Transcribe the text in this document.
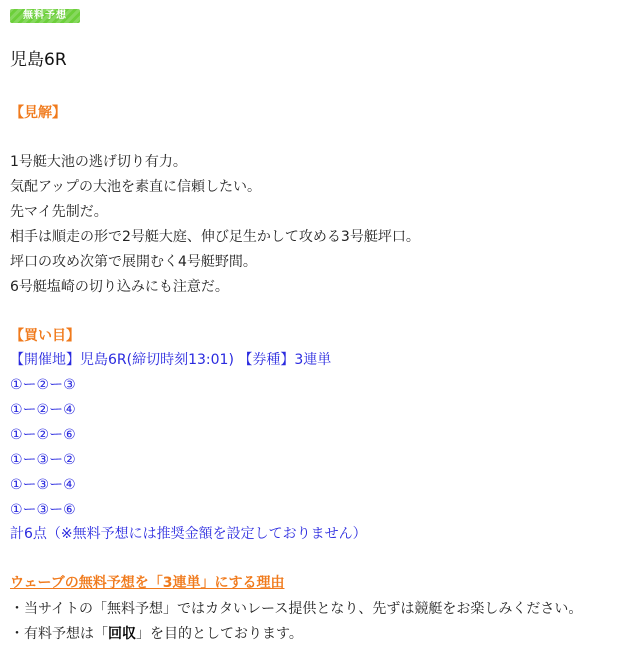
無料予想
児島6R
【見解】
1号艇大池の逃げ切り有力。
気配アップの大池を素直に信頼したい。
先マイ先制だ。
相手は順走の形で2号艇大庭、伸び足生かして攻める3号艇坪口。
坪口の攻め次第で展開むく4号艇野間。
6号艇塩崎の切り込みにも注意だ。
【買い目】
【開催地】児島6R(締切時刻13:01) 【券種】3連単
①ー②ー③
①ー②ー④
①ー②ー⑥
①ー③ー②
①ー③ー④
①ー③ー⑥
計6点（※無料予想には推奨金額を設定しておりません）
ウェーブの無料予想を「3連単」にする理由
・当サイトの「無料予想」ではカタいレース提供となり、先ずは競艇をお楽しみください。
・有料予想は「回収」を目的としております。
